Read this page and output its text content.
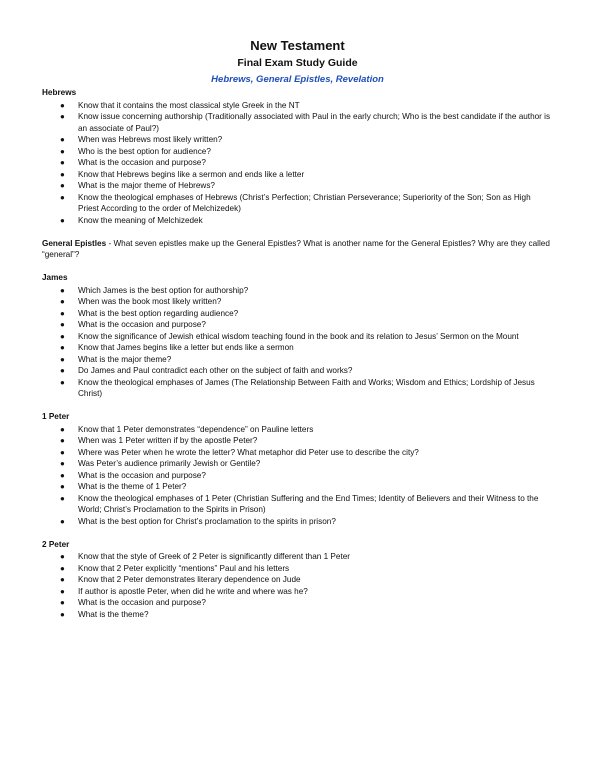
New Testament
Final Exam Study Guide
Hebrews, General Epistles, Revelation
Hebrews
● Know that it contains the most classical style Greek in the NT
● Know issue concerning authorship (Traditionally associated with Paul in the early church; Who is the best candidate if the author is an associate of Paul?)
● When was Hebrews most likely written?
● Who is the best option for audience?
● What is the occasion and purpose?
● Know that Hebrews begins like a sermon and ends like a letter
● What is the major theme of Hebrews?
● Know the theological emphases of Hebrews (Christ’s Perfection; Christian Perseverance; Superiority of the Son; Son as High Priest According to the order of Melchizedek)
● Know the meaning of Melchizedek
General Epistles - What seven epistles make up the General Epistles? What is another name for the General Epistles? Why are they called “general”?
James
● Which James is the best option for authorship?
● When was the book most likely written?
● What is the best option regarding audience?
● What is the occasion and purpose?
● Know the significance of Jewish ethical wisdom teaching found in the book and its relation to Jesus’ Sermon on the Mount
● Know that James begins like a letter but ends like a sermon
● What is the major theme?
● Do James and Paul contradict each other on the subject of faith and works?
● Know the theological emphases of James (The Relationship Between Faith and Works; Wisdom and Ethics; Lordship of Jesus Christ)
1 Peter
● Know that 1 Peter demonstrates “dependence” on Pauline letters
● When was 1 Peter written if by the apostle Peter?
● Where was Peter when he wrote the letter? What metaphor did Peter use to describe the city?
● Was Peter’s audience primarily Jewish or Gentile?
● What is the occasion and purpose?
● What is the theme of 1 Peter?
● Know the theological emphases of 1 Peter (Christian Suffering and the End Times; Identity of Believers and their Witness to the World; Christ’s Proclamation to the Spirits in Prison)
● What is the best option for Christ’s proclamation to the spirits in prison?
2 Peter
● Know that the style of Greek of 2 Peter is significantly different than 1 Peter
● Know that 2 Peter explicitly “mentions” Paul and his letters
● Know that 2 Peter demonstrates literary dependence on Jude
● If author is apostle Peter, when did he write and where was he?
● What is the occasion and purpose?
● What is the theme?
